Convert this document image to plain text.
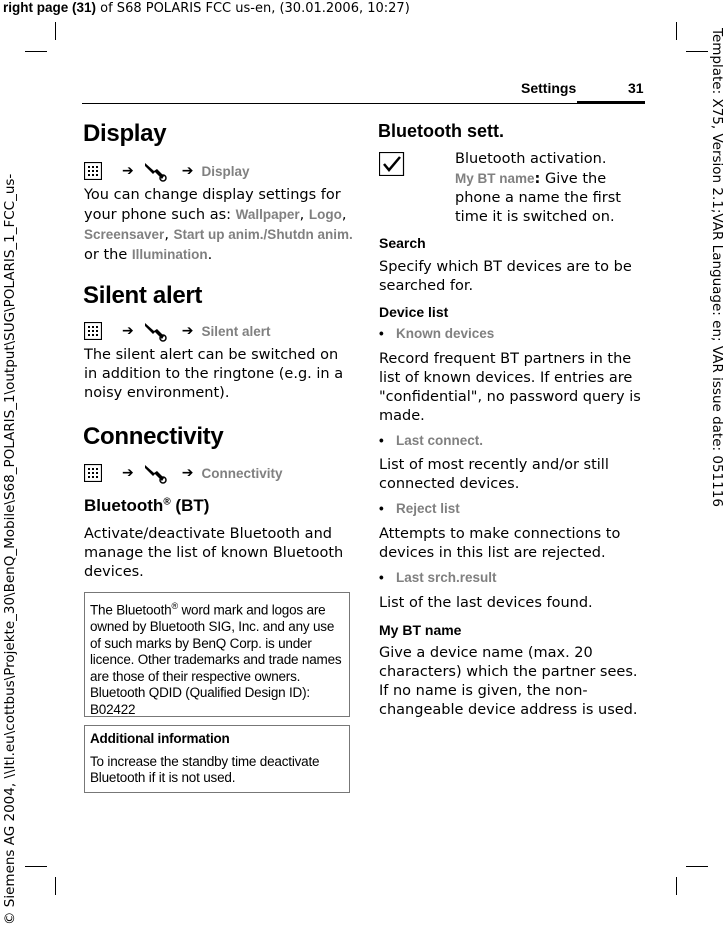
right page (31) of S68 POLARIS FCC us-en, (30.01.2006, 10:27)
© Siemens AG 2004, \\Itl.eu\cottbus\Projekte_30\BenQ_Mobile\S68_POLARIS_1\output\SUG\POLARIS_1_FCC_us-	Template: X75, Version 2.1;VAR Language: en; VAR issue date: 051116
Settings	31
Display
➔	➔ Display
You can change display settings for your phone such as: Wallpaper, Logo, Screensaver, Start up anim./Shutdn anim. or the Illumination.
Silent alert
➔	➔ Silent alert
The silent alert can be switched on in addition to the ringtone (e.g. in a noisy environment).
Connectivity
➔	➔ Connectivity
Bluetooth® (BT)
Activate/deactivate Bluetooth and manage the list of known Bluetooth devices.
The Bluetooth® word mark and logos are owned by Bluetooth SIG, Inc. and any use of such marks by BenQ Corp. is under licence. Other trademarks and trade names are those of their respective owners. Bluetooth QDID (Qualified Design ID): B02422
Additional information
To increase the standby time deactivate Bluetooth if it is not used.
Bluetooth sett.
Bluetooth activation.
My BT name: Give the phone a name the first time it is switched on.
Search
Specify which BT devices are to be searched for.
Device list
• Known devices
Record frequent BT partners in the list of known devices. If entries are "confidential", no password query is made.
• Last connect.
List of most recently and/or still connected devices.
• Reject list
Attempts to make connections to devices in this list are rejected.
• Last srch.result
List of the last devices found.
My BT name
Give a device name (max. 20 characters) which the partner sees. If no name is given, the non-changeable device address is used.
